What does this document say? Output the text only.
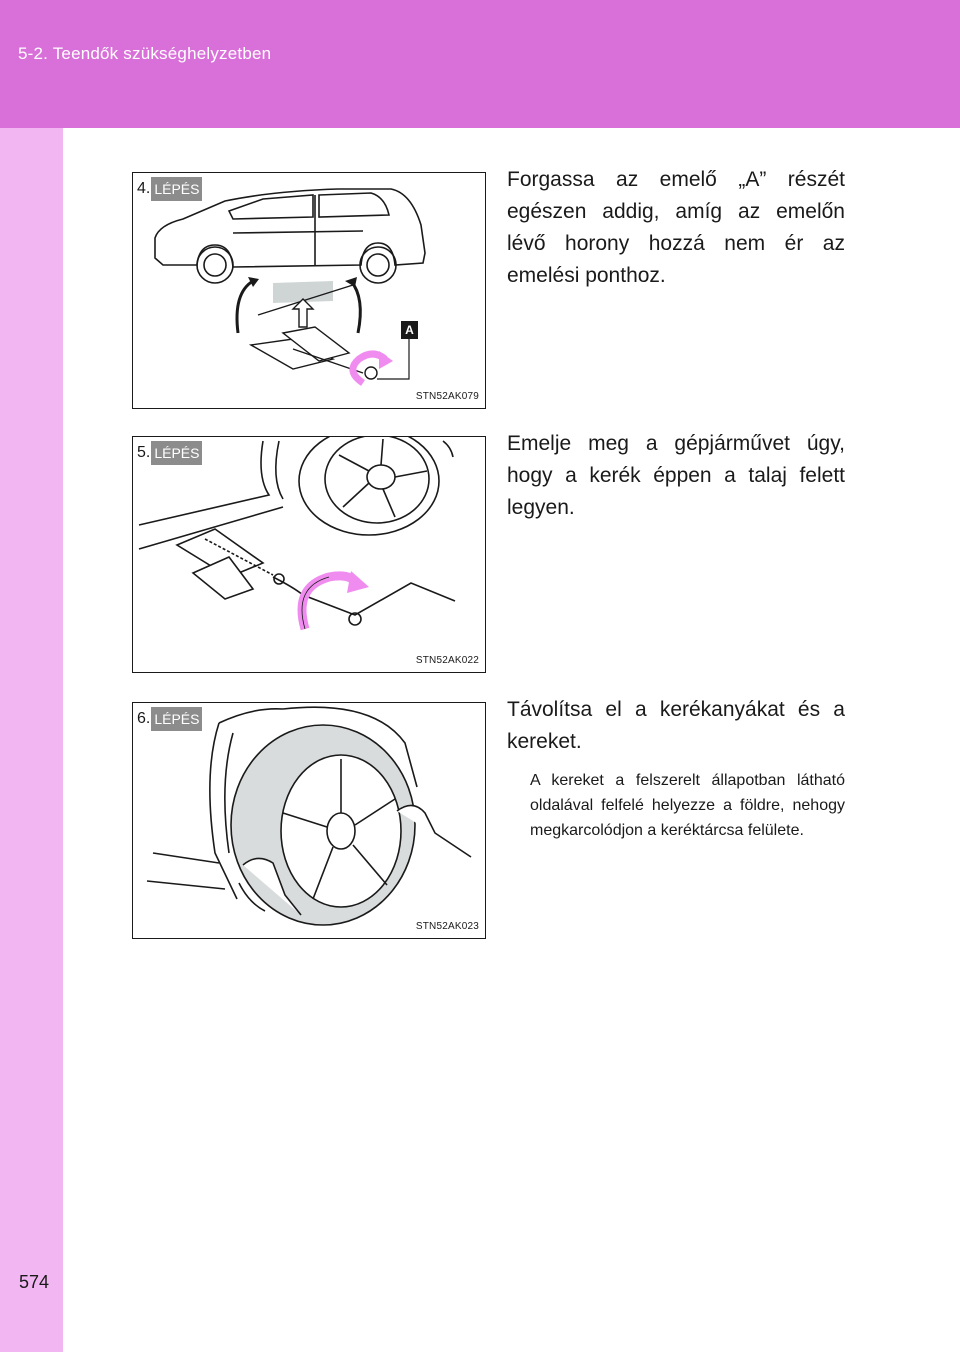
5-2. Teendők szükséghelyzetben
4. LÉPÉS
A
STN52AK079
Forgassa az emelő „A” részét egészen addig, amíg az emelőn lévő horony hozzá nem ér az emelési ponthoz.
5. LÉPÉS
STN52AK022
Emelje meg a gépjárművet úgy, hogy a kerék éppen a talaj felett legyen.
6. LÉPÉS
STN52AK023
Távolítsa el a kerékanyákat és a kereket.
A kereket a felszerelt állapotban látható oldalával felfelé helyezze a földre, nehogy megkarcolódjon a keréktárcsa felülete.
574
